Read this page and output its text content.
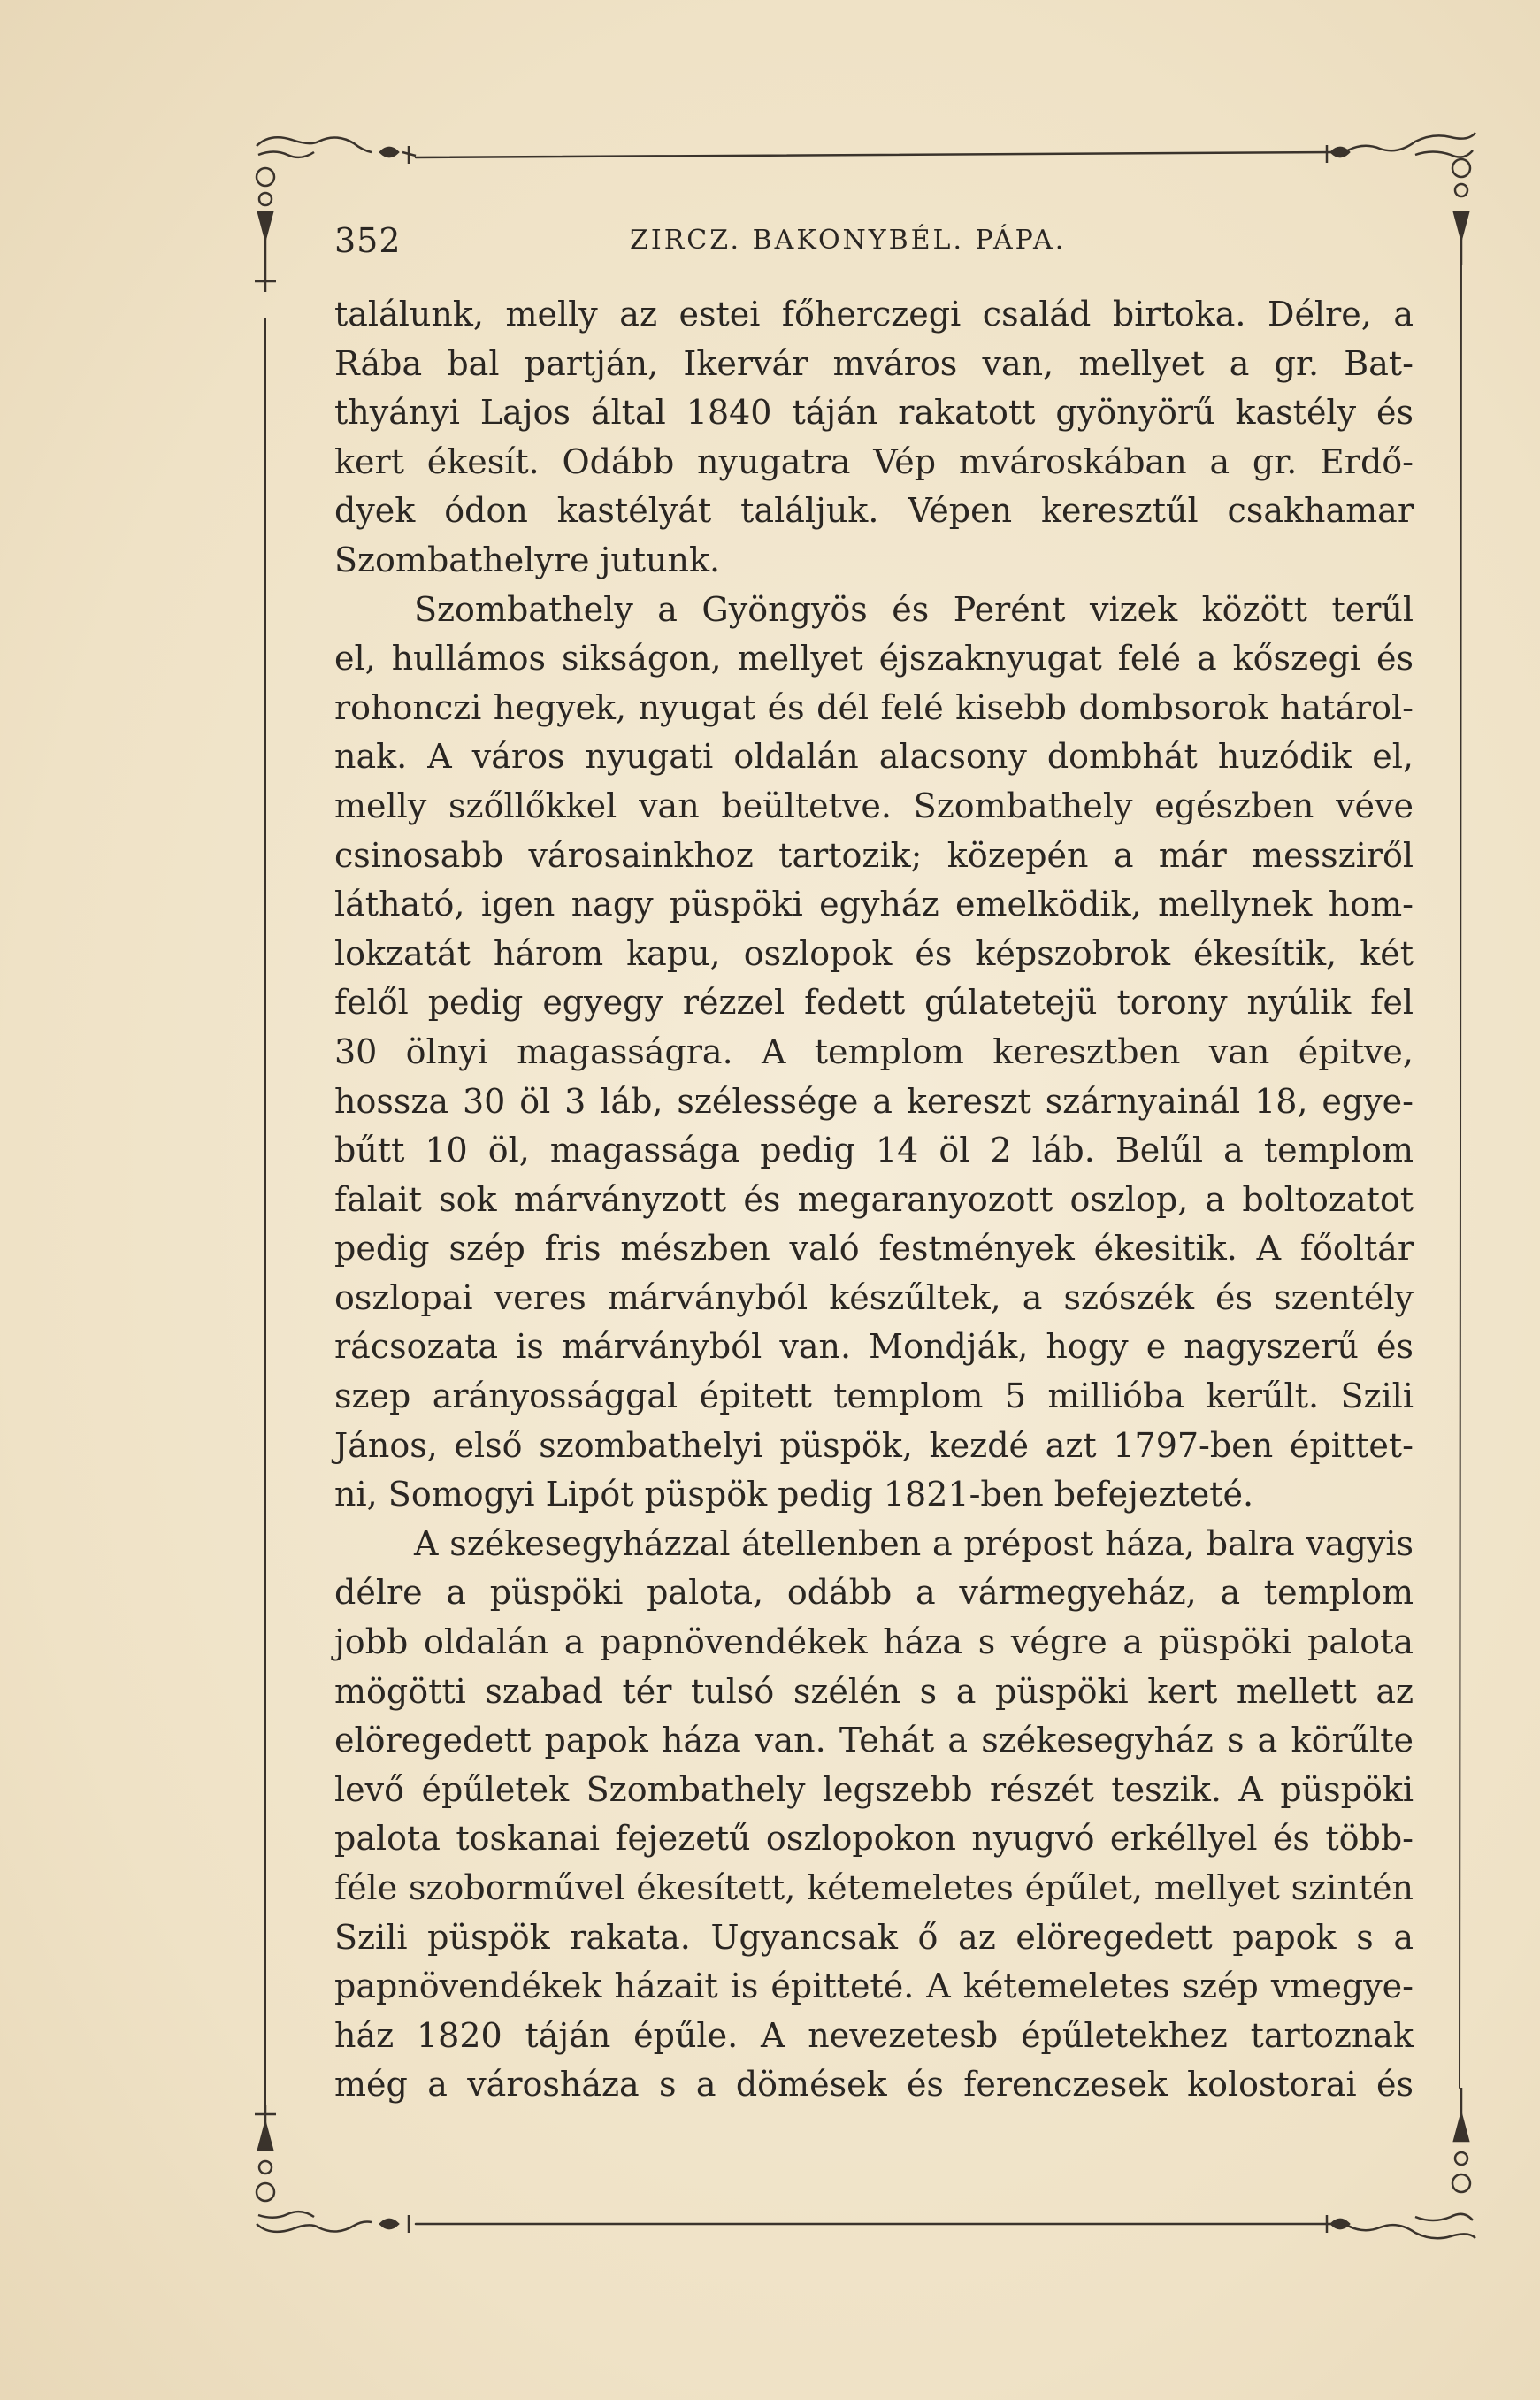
352	ZIRCZ. BAKONYBÉL. PÁPA.
találunk, melly az estei főherczegi család birtoka. Délre, a
Rába bal partján, Ikervár mváros van, mellyet a gr. Bat-
thyányi Lajos által 1840 táján rakatott gyönyörű kastély és
kert ékesít. Odább nyugatra Vép mvároskában a gr. Erdő-
dyek ódon kastélyát találjuk. Vépen keresztűl csakhamar
Szombathelyre jutunk.
Szombathely a Gyöngyös és Perént vizek között terűl
el, hullámos sikságon, mellyet éjszaknyugat felé a kőszegi és
rohonczi hegyek, nyugat és dél felé kisebb dombsorok határol-
nak. A város nyugati oldalán alacsony dombhát huzódik el,
melly szőllőkkel van beültetve. Szombathely egészben véve
csinosabb városainkhoz tartozik; közepén a már messziről
látható, igen nagy püspöki egyház emelködik, mellynek hom-
lokzatát három kapu, oszlopok és képszobrok ékesítik, két
felől pedig egyegy rézzel fedett gúlatetejü torony nyúlik fel
30 ölnyi magasságra. A templom keresztben van épitve,
hossza 30 öl 3 láb, szélessége a kereszt szárnyainál 18, egye-
bűtt 10 öl, magassága pedig 14 öl 2 láb. Belűl a templom
falait sok márványzott és megaranyozott oszlop, a boltozatot
pedig szép fris mészben való festmények ékesitik. A főoltár
oszlopai veres márványból készűltek, a szószék és szentély
rácsozata is márványból van. Mondják, hogy e nagyszerű és
szep arányossággal épitett templom 5 millióba kerűlt. Szili
János, első szombathelyi püspök, kezdé azt 1797-ben épittet-
ni, Somogyi Lipót püspök pedig 1821-ben befejezteté.
A székesegyházzal átellenben a prépost háza, balra vagyis
délre a püspöki palota, odább a vármegyeház, a templom
jobb oldalán a papnövendékek háza s végre a püspöki palota
mögötti szabad tér tulsó szélén s a püspöki kert mellett az
elöregedett papok háza van. Tehát a székesegyház s a körűlte
levő épűletek Szombathely legszebb részét teszik. A püspöki
palota toskanai fejezetű oszlopokon nyugvó erkéllyel és több-
féle szoborművel ékesített, kétemeletes épűlet, mellyet szintén
Szili püspök rakata. Ugyancsak ő az elöregedett papok s a
papnövendékek házait is épitteté. A kétemeletes szép vmegye-
ház 1820 táján épűle. A nevezetesb épűletekhez tartoznak
még a városháza s a dömések és ferenczesek kolostorai és
